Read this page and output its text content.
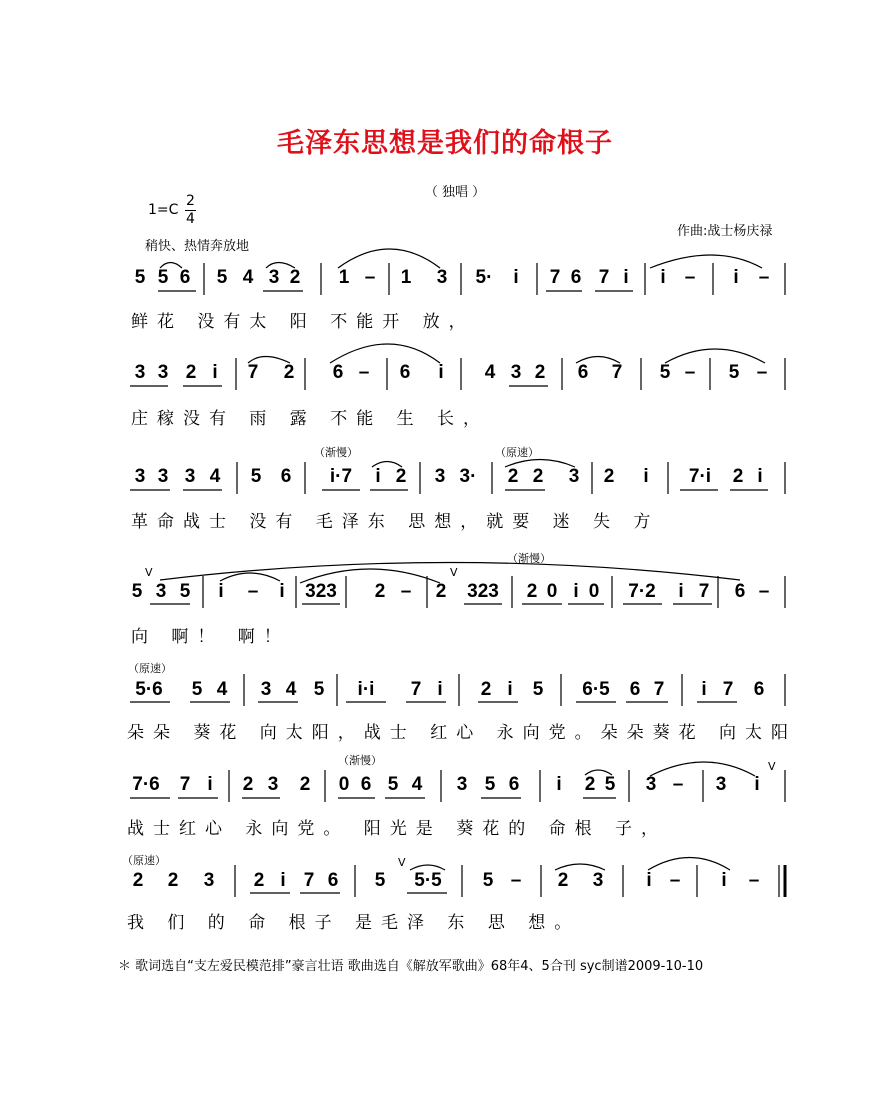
毛泽东思想是我们的命根子
（ 独唱 ）
1=C
2
4
稍快、热情奔放地
作曲:战士杨庆禄
5 5 6 5 4 3 2 1 – 1 3 5· i 7 6 7 i i – i –
鲜花 没有太 阳 不能开 放，
3 3 2 i 7 2 6 – 6 i 4 3 2 6 7 5 – 5 –
庄稼没有 雨 露 不能 生 长，
（渐慢）	（原速）
3 3 3 4 5 6 i·7 i 2 3 3· 2 2 3 2 i 7·i 2 i
革命战士 没有 毛泽东 思想，就要 迷 失 方
（渐慢）
V	V
5 3 5 i – i 323 2 – 2 323 2 0 i 0 7·2 i 7 6 –
向 啊！ 啊！
（原速）
5·6 5 4 3 4 5 i·i 7 i 2 i 5 6·5 6 7 i 7 6
朵朵 葵花 向太阳，战士 红心 永向党。朵朵葵花 向太阳
（渐慢）	V
7·6 7 i 2 3 2 0 6 5 4 3 5 6 i 2 5 3 – 3 i
战士红心 永向党。 阳光是 葵花的 命根 子，
（原速）	V
2 2 3 2 i 7 6 5 5·5 5 – 2 3 i – i –
我 们 的 命 根子 是毛泽 东 思 想。
＊ 歌词选自“支左爱民模范排”豪言壮语 歌曲选自《解放军歌曲》68年4、5合刊 syc制谱2009-10-10
